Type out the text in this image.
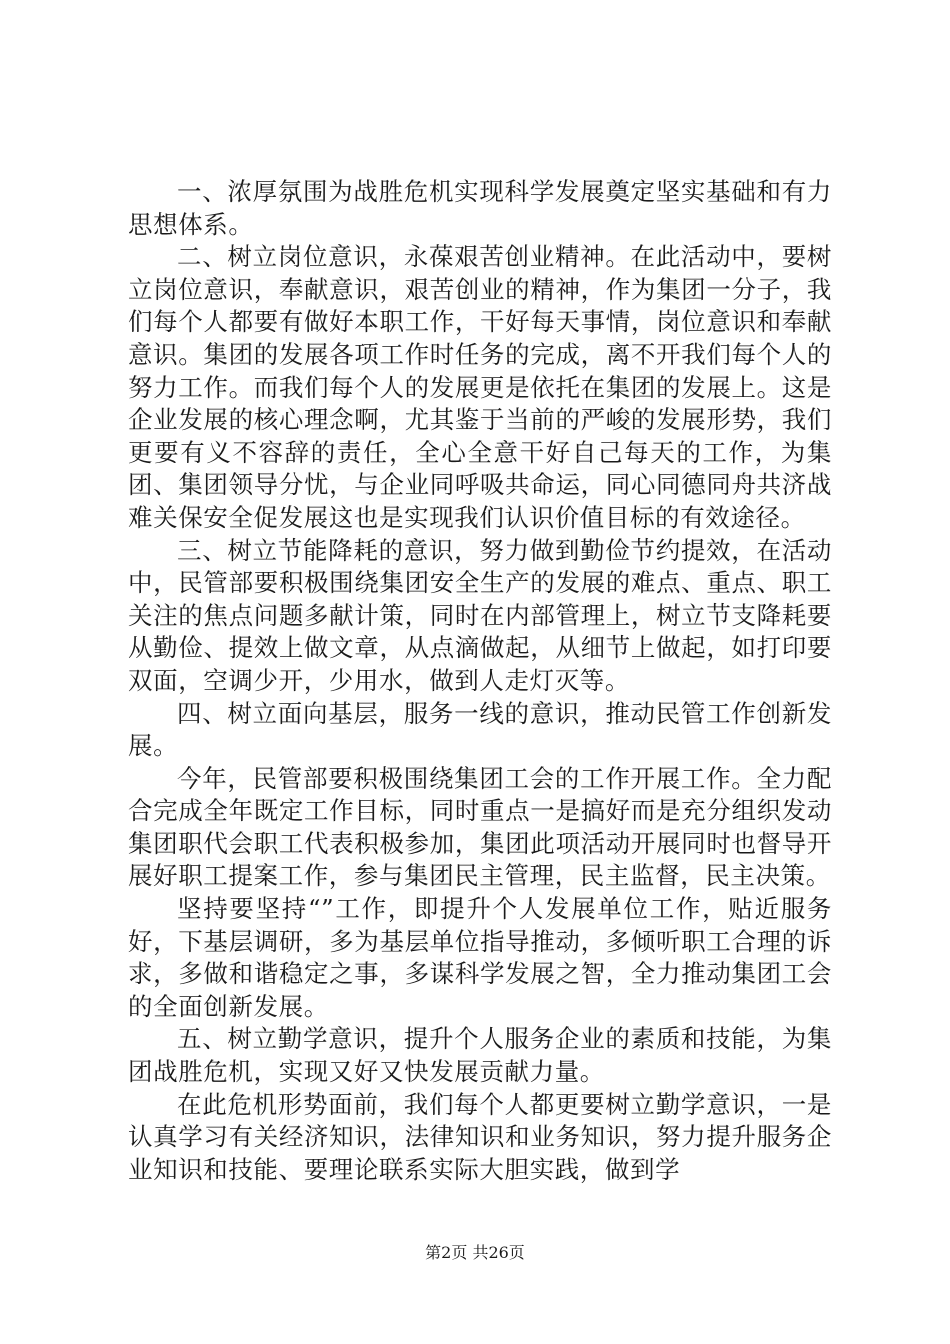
一、浓厚氛围为战胜危机实现科学发展奠定坚实基础和有力思想体系。

二、树立岗位意识，永葆艰苦创业精神。在此活动中，要树立岗位意识，奉献意识，艰苦创业的精神，作为集团一分子，我们每个人都要有做好本职工作，干好每天事情，岗位意识和奉献意识。集团的发展各项工作时任务的完成，离不开我们每个人的努力工作。而我们每个人的发展更是依托在集团的发展上。这是企业发展的核心理念啊，尤其鉴于当前的严峻的发展形势，我们更要有义不容辞的责任，全心全意干好自己每天的工作，为集团、集团领导分忧，与企业同呼吸共命运，同心同德同舟共济战难关保安全促发展这也是实现我们认识价值目标的有效途径。

三、树立节能降耗的意识，努力做到勤俭节约提效，在活动中，民管部要积极围绕集团安全生产的发展的难点、重点、职工关注的焦点问题多献计策，同时在内部管理上，树立节支降耗要从勤俭、提效上做文章，从点滴做起，从细节上做起，如打印要双面，空调少开，少用水，做到人走灯灭等。

四、树立面向基层，服务一线的意识，推动民管工作创新发展。

今年，民管部要积极围绕集团工会的工作开展工作。全力配合完成全年既定工作目标，同时重点一是搞好而是充分组织发动集团职代会职工代表积极参加，集团此项活动开展同时也督导开展好职工提案工作，参与集团民主管理，民主监督，民主决策。

坚持要坚持“”工作，即提升个人发展单位工作，贴近服务好，下基层调研，多为基层单位指导推动，多倾听职工合理的诉求，多做和谐稳定之事，多谋科学发展之智，全力推动集团工会的全面创新发展。

五、树立勤学意识，提升个人服务企业的素质和技能，为集团战胜危机，实现又好又快发展贡献力量。

在此危机形势面前，我们每个人都更要树立勤学意识，一是认真学习有关经济知识，法律知识和业务知识，努力提升服务企业知识和技能、要理论联系实际大胆实践，做到学

第2页 共26页
